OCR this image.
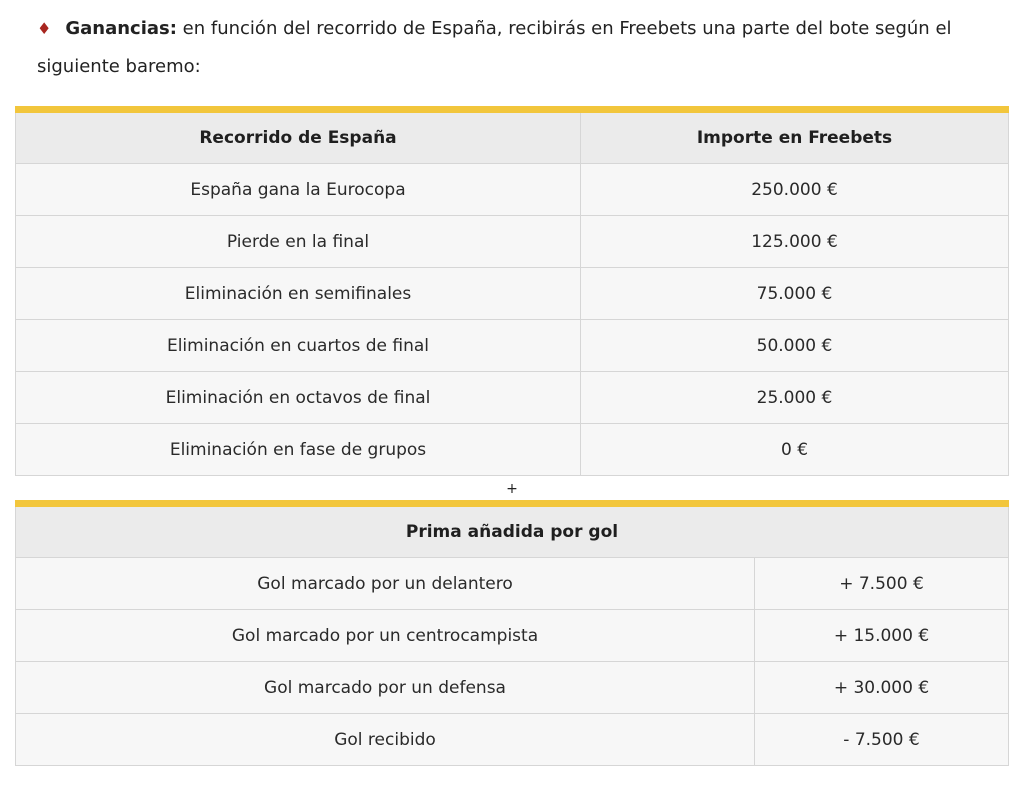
♦ Ganancias: en función del recorrido de España, recibirás en Freebets una parte del bote según el siguiente baremo:

Recorrido de España	Importe en Freebets
España gana la Eurocopa	250.000 €
Pierde en la final	125.000 €
Eliminación en semifinales	75.000 €
Eliminación en cuartos de final	50.000 €
Eliminación en octavos de final	25.000 €
Eliminación en fase de grupos	0 €
+
Prima añadida por gol	
Gol marcado por un delantero	+ 7.500 €
Gol marcado por un centrocampista	+ 15.000 €
Gol marcado por un defensa	+ 30.000 €
Gol recibido	- 7.500 €
